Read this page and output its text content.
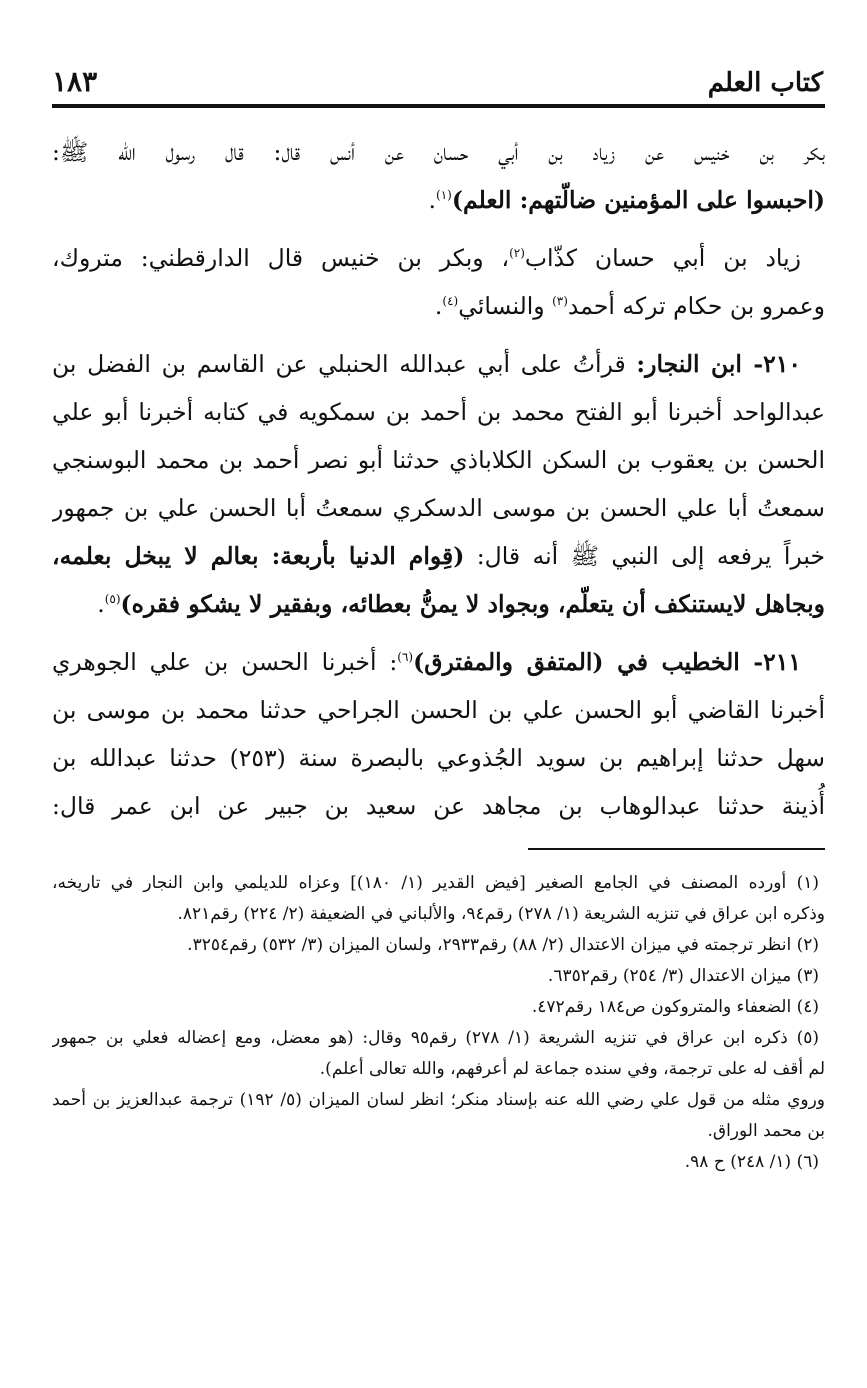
كتاب العلم
١٨٣
بكر بن خنيس عن زياد بن أبي حسان عن أنس قال: قال رسول الله ﷺ:
(احبسوا على المؤمنين ضالّتهم: العلم)$^{(١)}$.
زياد بن أبي حسان كذّاب$^{(٢)}$، وبكر بن خنيس قال الدارقطني: متروك،
وعمرو بن حكام تركه أحمد$^{(٣)}$ والنسائي$^{(٤)}$.
٢١٠- ابن النجار: قرأتُ على أبي عبدالله الحنبلي عن القاسم بن الفضل بن
عبدالواحد أخبرنا أبو الفتح محمد بن أحمد بن سمكويه في كتابه أخبرنا أبو علي
الحسن بن يعقوب بن السكن الكلاباذي حدثنا أبو نصر أحمد بن محمد البوسنجي
سمعتُ أبا علي الحسن بن موسى الدسكري سمعتُ أبا الحسن علي بن جمهور
خبراً يرفعه إلى النبي ﷺ أنه قال: (قِوام الدنيا بأربعة: بعالم لا يبخل بعلمه،
وبجاهل لايستنكف أن يتعلّم، وبجواد لا يمنُّ بعطائه، وبفقير لا يشكو فقره)$^{(٥)}$.
٢١١- الخطيب في (المتفق والمفترق)$^{(٦)}$: أخبرنا الحسن بن علي الجوهري
أخبرنا القاضي أبو الحسن علي بن الحسن الجراحي حدثنا محمد بن موسى بن
سهل حدثنا إبراهيم بن سويد الجُذوعي بالبصرة سنة (٢٥٣) حدثنا عبدالله بن
أُذينة حدثنا عبدالوهاب بن مجاهد عن سعيد بن جبير عن ابن عمر قال:
(١) أورده المصنف في الجامع الصغير [فيض القدير (١/ ١٨٠)] وعزاه للديلمي وابن النجار في تاريخه،
وذكره ابن عراق في تنزيه الشريعة (١/ ٢٧٨) رقم٩٤، والألباني في الضعيفة (٢/ ٢٢٤) رقم٨٢١.
(٢) انظر ترجمته في ميزان الاعتدال (٢/ ٨٨) رقم٢٩٣٣، ولسان الميزان (٣/ ٥٣٢) رقم٣٢٥٤.
(٣) ميزان الاعتدال (٣/ ٢٥٤) رقم٦٣٥٢.
(٤) الضعفاء والمتروكون ص١٨٤ رقم٤٧٢.
(٥) ذكره ابن عراق في تنزيه الشريعة (١/ ٢٧٨) رقم٩٥ وقال: (هو معضل، ومع إعضاله فعلي بن جمهور
لم أقف له على ترجمة، وفي سنده جماعة لم أعرفهم، والله تعالى أعلم).
وروي مثله من قول علي رضي الله عنه بإسناد منكر؛ انظر لسان الميزان (٥/ ١٩٢) ترجمة عبدالعزيز بن أحمد
بن محمد الوراق.
(٦) (١/ ٢٤٨) ح ٩٨.
